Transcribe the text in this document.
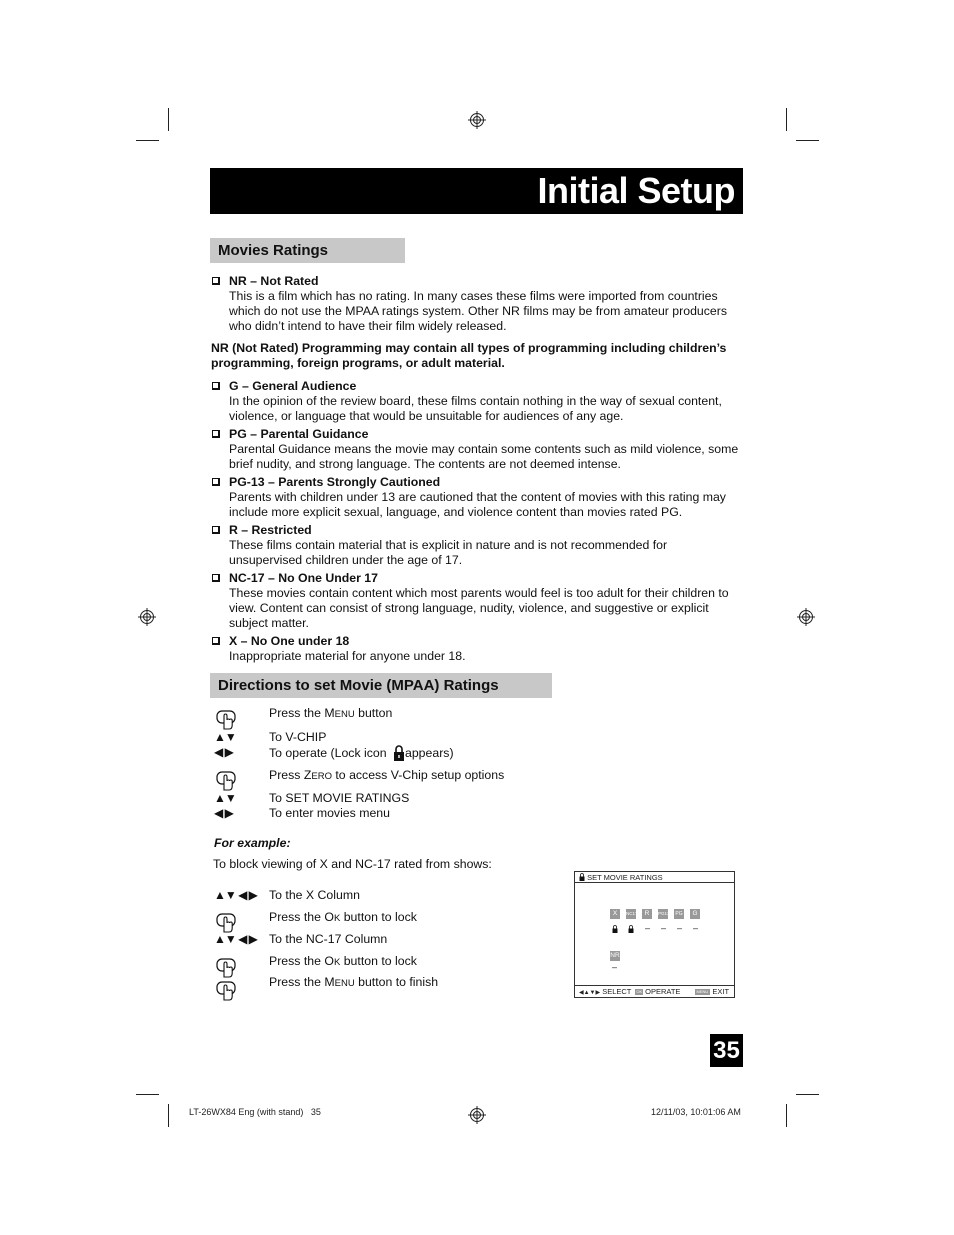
Initial Setup
Movies Ratings
NR – Not Rated
This is a film which has no rating. In many cases these films were imported from countries which do not use the MPAA ratings system. Other NR films may be from amateur producers who didn’t intend to have their film widely released.
NR (Not Rated) Programming may contain all types of programming including children’s programming, foreign programs, or adult material.
G – General Audience
In the opinion of the review board, these films contain nothing in the way of sexual content, violence, or language that would be unsuitable for audiences of any age.
PG – Parental Guidance
Parental Guidance means the movie may contain some contents such as mild violence, some brief nudity, and strong language. The contents are not deemed intense.
PG-13 – Parents Strongly Cautioned
Parents with children under 13 are cautioned that the content of movies with this rating may include more explicit sexual, language, and violence content than movies rated PG.
R – Restricted
These films contain material that is explicit in nature and is not recommended for unsupervised children under the age of 17.
NC-17 – No One Under 17
These movies contain content which most parents would feel is too adult for their children to view. Content can consist of strong language, nudity, violence, and suggestive or explicit subject matter.
X – No One under 18
Inappropriate material for anyone under 18.
Directions to set Movie (MPAA) Ratings
Press the MENU button
▲▼	To V-CHIP
◀ ▶	To operate (Lock icon appears)
Press ZERO to access V-Chip setup options
▲▼	To SET MOVIE RATINGS
◀ ▶	To enter movies menu
For example:
To block viewing of X and NC-17 rated from shows:
▲▼ ◀ ▶ To the X Column
Press the OK button to lock
▲▼ ◀ ▶ To the NC-17 Column
Press the OK button to lock
Press the MENU button to finish
SET MOVIE RATINGS
X	NC17	R	PG13 PG	G
– – – –
NR
–
◀▲▼▶ SELECT OK OPERATE	MENU EXIT
35
LT-26WX84 Eng (with stand)   35	12/11/03, 10:01:06 AM
